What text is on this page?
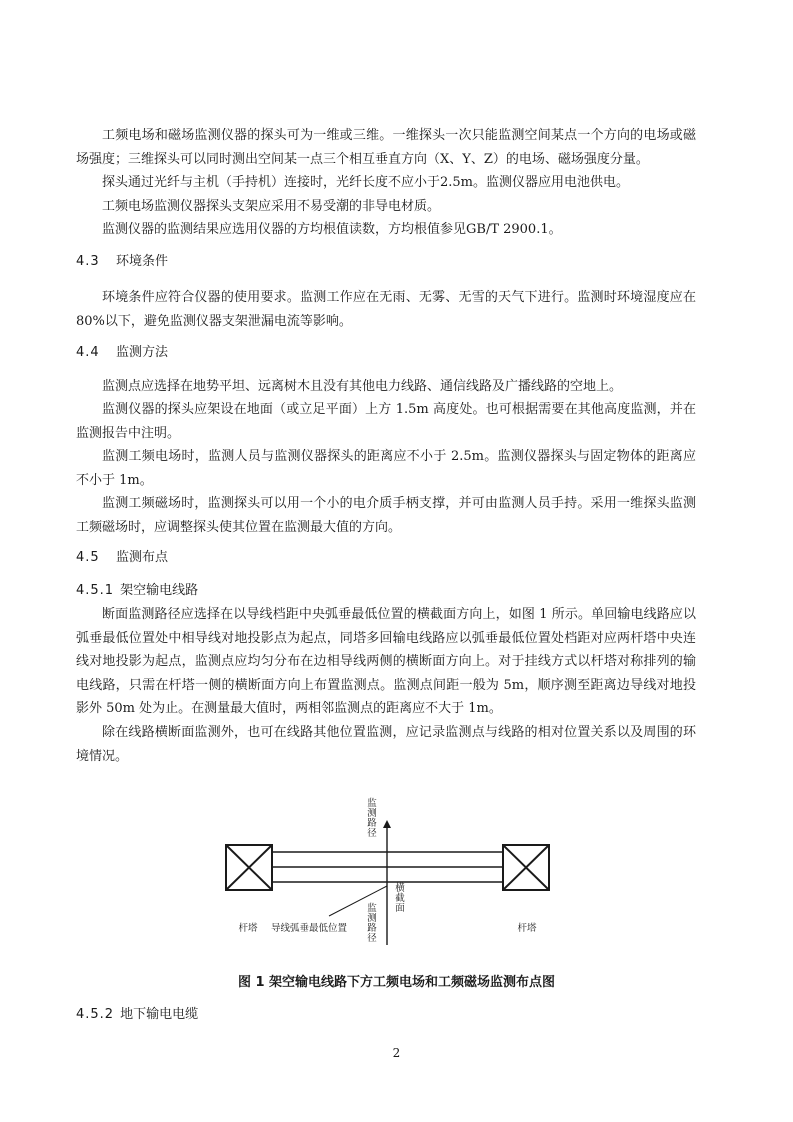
工频电场和磁场监测仪器的探头可为一维或三维。一维探头一次只能监测空间某点一个方向的电场或磁场强度；三维探头可以同时测出空间某一点三个相互垂直方向（X、Y、Z）的电场、磁场强度分量。
探头通过光纤与主机（手持机）连接时，光纤长度不应小于2.5m。监测仪器应用电池供电。
工频电场监测仪器探头支架应采用不易受潮的非导电材质。
监测仪器的监测结果应选用仪器的方均根值读数，方均根值参见GB/T 2900.1。
4.3 环境条件
环境条件应符合仪器的使用要求。监测工作应在无雨、无雾、无雪的天气下进行。监测时环境湿度应在 80%以下，避免监测仪器支架泄漏电流等影响。
4.4 监测方法
监测点应选择在地势平坦、远离树木且没有其他电力线路、通信线路及广播线路的空地上。
监测仪器的探头应架设在地面（或立足平面）上方 1.5m 高度处。也可根据需要在其他高度监测，并在监测报告中注明。
监测工频电场时，监测人员与监测仪器探头的距离应不小于 2.5m。监测仪器探头与固定物体的距离应不小于 1m。
监测工频磁场时，监测探头可以用一个小的电介质手柄支撑，并可由监测人员手持。采用一维探头监测工频磁场时，应调整探头使其位置在监测最大值的方向。
4.5 监测布点
4.5.1 架空输电线路
断面监测路径应选择在以导线档距中央弧垂最低位置的横截面方向上，如图 1 所示。单回输电线路应以弧垂最低位置处中相导线对地投影点为起点，同塔多回输电线路应以弧垂最低位置处档距对应两杆塔中央连线对地投影为起点，监测点应均匀分布在边相导线两侧的横断面方向上。对于挂线方式以杆塔对称排列的输电线路，只需在杆塔一侧的横断面方向上布置监测点。监测点间距一般为 5m，顺序测至距离边导线对地投影外 50m 处为止。在测量最大值时，两相邻监测点的距离应不大于 1m。
除在线路横断面监测外，也可在线路其他位置监测，应记录监测点与线路的相对位置关系以及周围的环境情况。
监测路径
横截面
监测路径
杆塔	杆塔
导线弧垂最低位置
图 1 架空输电线路下方工频电场和工频磁场监测布点图
4.5.2 地下输电电缆
2
